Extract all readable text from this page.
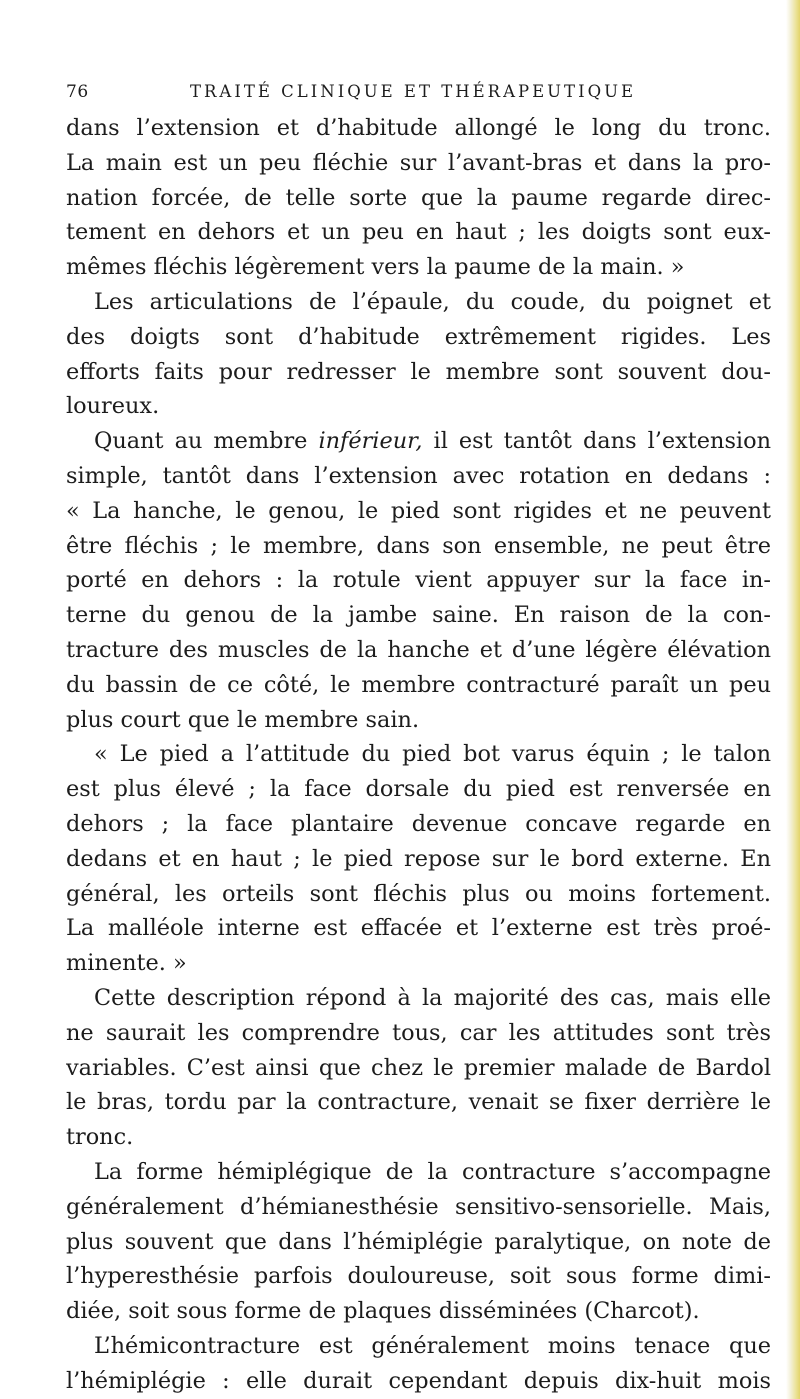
76	TRAITÉ CLINIQUE ET THÉRAPEUTIQUE
dans l’extension et d’habitude allongé le long du tronc.
La main est un peu fléchie sur l’avant-bras et dans la pro-
nation forcée, de telle sorte que la paume regarde direc-
tement en dehors et un peu en haut ; les doigts sont eux-
mêmes fléchis légèrement vers la paume de la main. »
Les articulations de l’épaule, du coude, du poignet et
des doigts sont d’habitude extrêmement rigides. Les
efforts faits pour redresser le membre sont souvent dou-
loureux.
Quant au membre inférieur, il est tantôt dans l’extension
simple, tantôt dans l’extension avec rotation en dedans :
« La hanche, le genou, le pied sont rigides et ne peuvent
être fléchis ; le membre, dans son ensemble, ne peut être
porté en dehors : la rotule vient appuyer sur la face in-
terne du genou de la jambe saine. En raison de la con-
tracture des muscles de la hanche et d’une légère élévation
du bassin de ce côté, le membre contracturé paraît un peu
plus court que le membre sain.
« Le pied a l’attitude du pied bot varus équin ; le talon
est plus élevé ; la face dorsale du pied est renversée en
dehors ; la face plantaire devenue concave regarde en
dedans et en haut ; le pied repose sur le bord externe. En
général, les orteils sont fléchis plus ou moins fortement.
La malléole interne est effacée et l’externe est très proé-
minente. »
Cette description répond à la majorité des cas, mais elle
ne saurait les comprendre tous, car les attitudes sont très
variables. C’est ainsi que chez le premier malade de Bardol
le bras, tordu par la contracture, venait se fixer derrière le
tronc.
La forme hémiplégique de la contracture s’accompagne
généralement d’hémianesthésie sensitivo-sensorielle. Mais,
plus souvent que dans l’hémiplégie paralytique, on note de
l’hyperesthésie parfois douloureuse, soit sous forme dimi-
diée, soit sous forme de plaques disséminées (Charcot).
L’hémicontracture est généralement moins tenace que
l’hémiplégie : elle durait cependant depuis dix-huit mois
